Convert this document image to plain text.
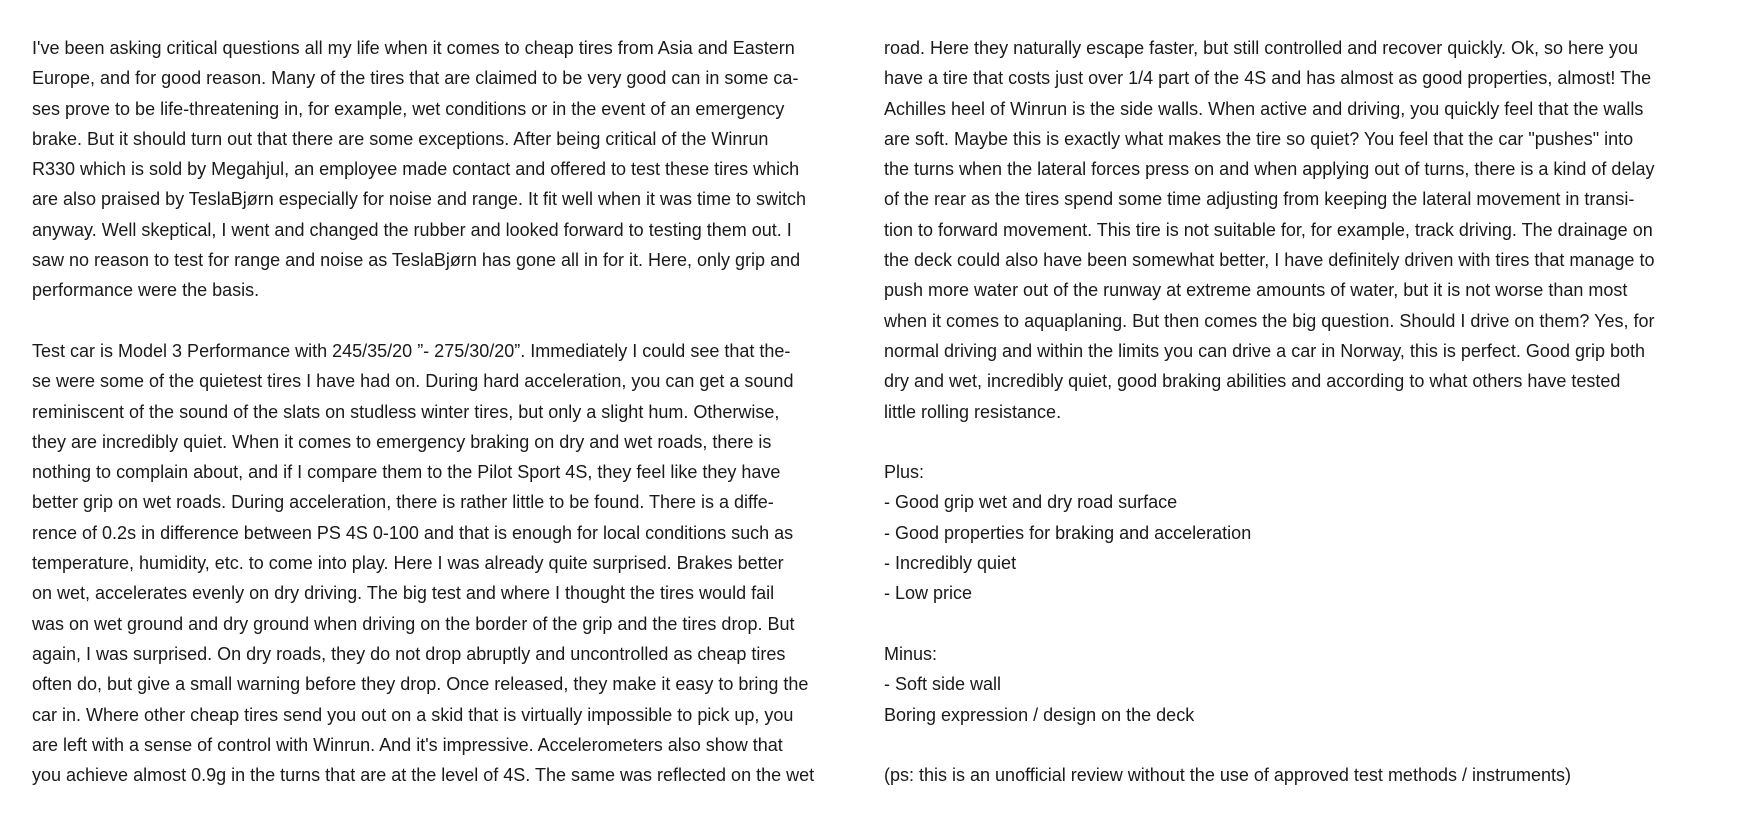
I've been asking critical questions all my life when it comes to cheap tires from Asia and Eastern
Europe, and for good reason. Many of the tires that are claimed to be very good can in some ca-
ses prove to be life-threatening in, for example, wet conditions or in the event of an emergency
brake. But it should turn out that there are some exceptions. After being critical of the Winrun
R330 which is sold by Megahjul, an employee made contact and offered to test these tires which
are also praised by TeslaBjørn especially for noise and range. It fit well when it was time to switch
anyway. Well skeptical, I went and changed the rubber and looked forward to testing them out. I
saw no reason to test for range and noise as TeslaBjørn has gone all in for it. Here, only grip and
performance were the basis.
Test car is Model 3 Performance with 245/35/20 ”- 275/30/20”. Immediately I could see that the-
se were some of the quietest tires I have had on. During hard acceleration, you can get a sound
reminiscent of the sound of the slats on studless winter tires, but only a slight hum. Otherwise,
they are incredibly quiet. When it comes to emergency braking on dry and wet roads, there is
nothing to complain about, and if I compare them to the Pilot Sport 4S, they feel like they have
better grip on wet roads. During acceleration, there is rather little to be found. There is a diffe-
rence of 0.2s in difference between PS 4S 0-100 and that is enough for local conditions such as
temperature, humidity, etc. to come into play. Here I was already quite surprised. Brakes better
on wet, accelerates evenly on dry driving. The big test and where I thought the tires would fail
was on wet ground and dry ground when driving on the border of the grip and the tires drop. But
again, I was surprised. On dry roads, they do not drop abruptly and uncontrolled as cheap tires
often do, but give a small warning before they drop. Once released, they make it easy to bring the
car in. Where other cheap tires send you out on a skid that is virtually impossible to pick up, you
are left with a sense of control with Winrun. And it's impressive. Accelerometers also show that
you achieve almost 0.9g in the turns that are at the level of 4S. The same was reflected on the wet
road. Here they naturally escape faster, but still controlled and recover quickly. Ok, so here you
have a tire that costs just over 1/4 part of the 4S and has almost as good properties, almost! The
Achilles heel of Winrun is the side walls. When active and driving, you quickly feel that the walls
are soft. Maybe this is exactly what makes the tire so quiet? You feel that the car "pushes" into
the turns when the lateral forces press on and when applying out of turns, there is a kind of delay
of the rear as the tires spend some time adjusting from keeping the lateral movement in transi-
tion to forward movement. This tire is not suitable for, for example, track driving. The drainage on
the deck could also have been somewhat better, I have definitely driven with tires that manage to
push more water out of the runway at extreme amounts of water, but it is not worse than most
when it comes to aquaplaning. But then comes the big question. Should I drive on them? Yes, for
normal driving and within the limits you can drive a car in Norway, this is perfect. Good grip both
dry and wet, incredibly quiet, good braking abilities and according to what others have tested
little rolling resistance.
Plus:
- Good grip wet and dry road surface
- Good properties for braking and acceleration
- Incredibly quiet
- Low price
Minus:
- Soft side wall
Boring expression / design on the deck
(ps: this is an unofficial review without the use of approved test methods / instruments)
